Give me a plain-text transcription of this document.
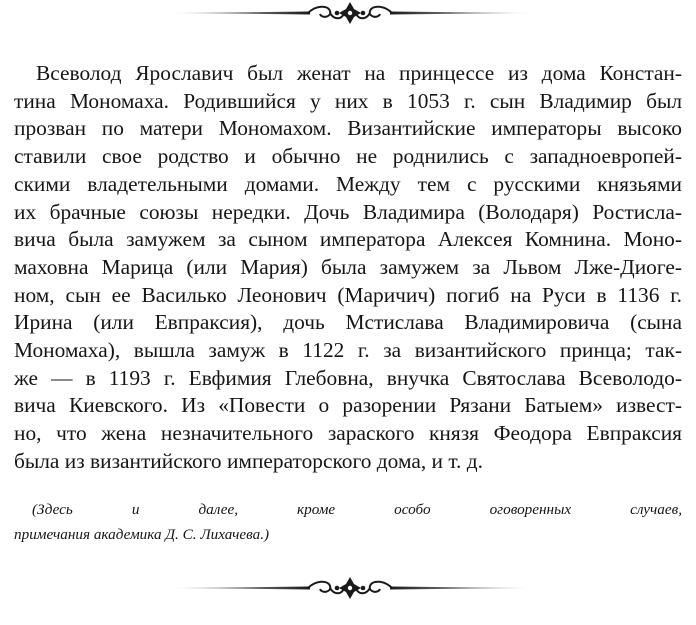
Всеволод Ярославич был женат на принцессе из дома Констан-
тина Мономаха. Родившийся у них в 1053 г. сын Владимир был
прозван по матери Мономахом. Византийские императоры высоко
ставили свое родство и обычно не роднились с западноевропей-
скими владетельными домами. Между тем с русскими князьями
их брачные союзы нередки. Дочь Владимира (Володаря) Ростисла-
вича была замужем за сыном императора Алексея Комнина. Моно-
маховна Марица (или Мария) была замужем за Львом Лже-Диоге-
ном, сын ее Василько Леонович (Маричич) погиб на Руси в 1136 г.
Ирина (или Евпраксия), дочь Мстислава Владимировича (сына
Мономаха), вышла замуж в 1122 г. за византийского принца; так-
же — в 1193 г. Евфимия Глебовна, внучка Святослава Всеволодо-
вича Киевского. Из «Повести о разорении Рязани Батыем» извест-
но, что жена незначительного зараского князя Феодора Евпраксия
была из византийского императорского дома, и т. д.
(Здесь и далее, кроме особо оговоренных случаев,
примечания академика Д. С. Лихачева.)
